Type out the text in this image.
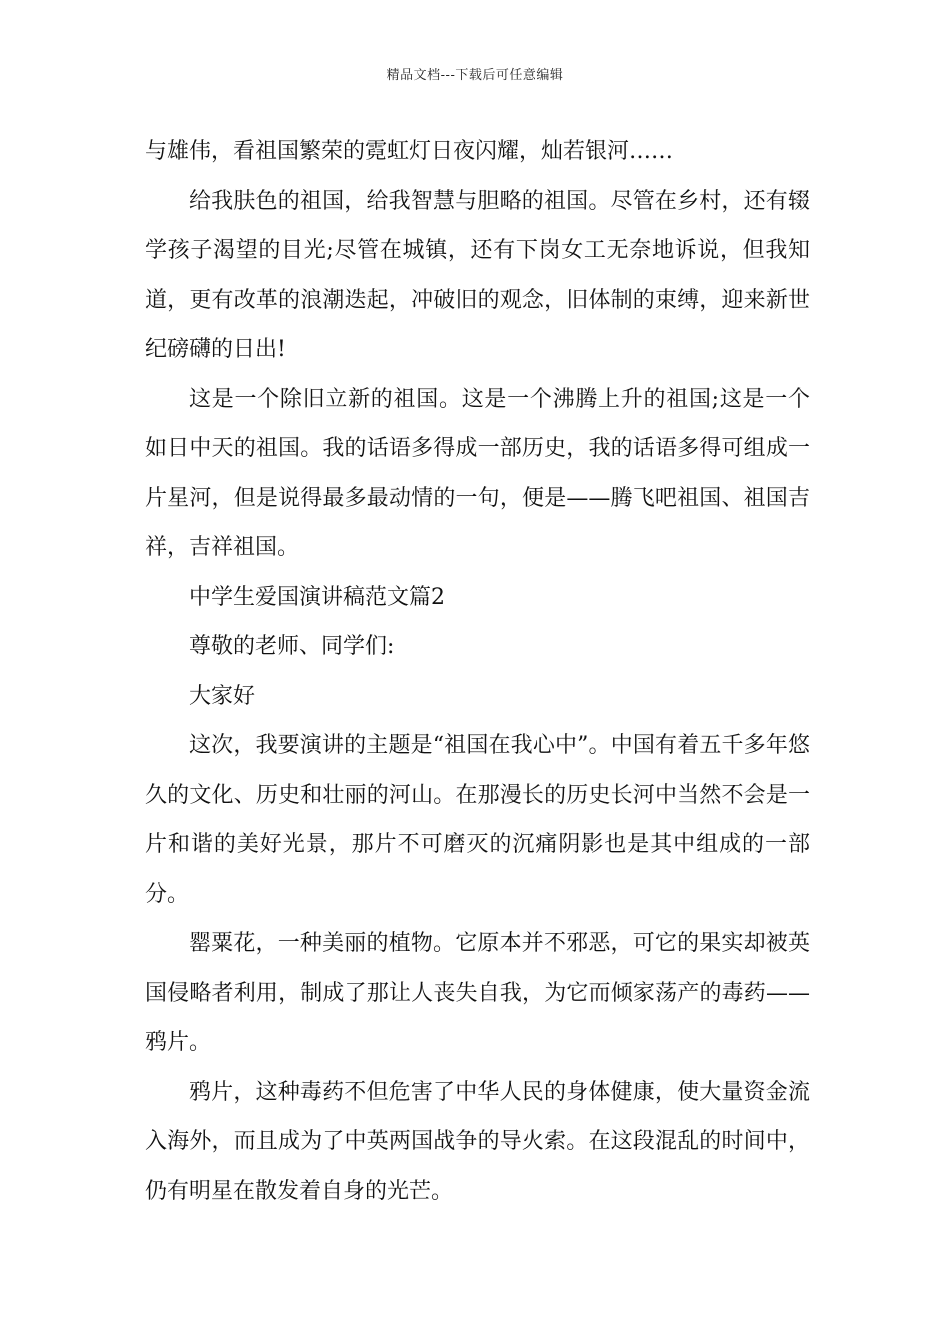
精品文档---下载后可任意编辑

与雄伟，看祖国繁荣的霓虹灯日夜闪耀，灿若银河……

给我肤色的祖国，给我智慧与胆略的祖国。尽管在乡村，还有辍学孩子渴望的目光;尽管在城镇，还有下岗女工无奈地诉说，但我知道，更有改革的浪潮迭起，冲破旧的观念，旧体制的束缚，迎来新世纪磅礴的日出!

这是一个除旧立新的祖国。这是一个沸腾上升的祖国;这是一个如日中天的祖国。我的话语多得成一部历史，我的话语多得可组成一片星河，但是说得最多最动情的一句，便是——腾飞吧祖国、祖国吉祥，吉祥祖国。

中学生爱国演讲稿范文篇2

尊敬的老师、同学们:

大家好

这次，我要演讲的主题是“祖国在我心中”。中国有着五千多年悠久的文化、历史和壮丽的河山。在那漫长的历史长河中当然不会是一片和谐的美好光景，那片不可磨灭的沉痛阴影也是其中组成的一部分。

罂粟花，一种美丽的植物。它原本并不邪恶，可它的果实却被英国侵略者利用，制成了那让人丧失自我，为它而倾家荡产的毒药——鸦片。

鸦片，这种毒药不但危害了中华人民的身体健康，使大量资金流入海外，而且成为了中英两国战争的导火索。在这段混乱的时间中，仍有明星在散发着自身的光芒。
